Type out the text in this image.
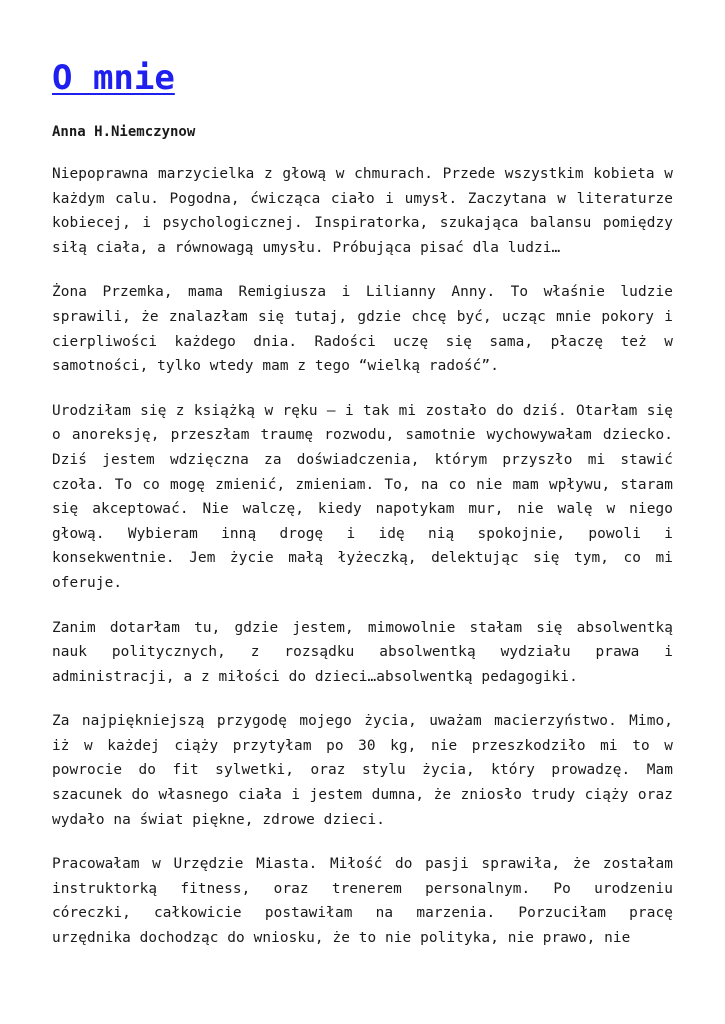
O mnie

Anna H.Niemczynow

Niepoprawna marzycielka z głową w chmurach. Przede wszystkim kobieta w każdym calu. Pogodna, ćwicząca ciało i umysł. Zaczytana w literaturze kobiecej, i psychologicznej. Inspiratorka, szukająca balansu pomiędzy siłą ciała, a równowagą umysłu. Próbująca pisać dla ludzi…

Żona Przemka, mama Remigiusza i Lilianny Anny. To właśnie ludzie sprawili, że znalazłam się tutaj, gdzie chcę być, ucząc mnie pokory i cierpliwości każdego dnia. Radości uczę się sama, płaczę też w samotności, tylko wtedy mam z tego “wielką radość”.

Urodziłam się z książką w ręku – i tak mi zostało do dziś. Otarłam się o anoreksję, przeszłam traumę rozwodu, samotnie wychowywałam dziecko. Dziś jestem wdzięczna za doświadczenia, którym przyszło mi stawić czoła. To co mogę zmienić, zmieniam. To, na co nie mam wpływu, staram się akceptować. Nie walczę, kiedy napotykam mur, nie walę w niego głową. Wybieram inną drogę i idę nią spokojnie, powoli i konsekwentnie. Jem życie małą łyżeczką, delektując się tym, co mi oferuje.

Zanim dotarłam tu, gdzie jestem, mimowolnie stałam się absolwentką nauk politycznych, z rozsądku absolwentką wydziału prawa i administracji, a z miłości do dzieci…absolwentką pedagogiki.

Za najpiękniejszą przygodę mojego życia, uważam macierzyństwo. Mimo, iż w każdej ciąży przytyłam po 30 kg, nie przeszkodziło mi to w powrocie do fit sylwetki, oraz stylu życia, który prowadzę. Mam szacunek do własnego ciała i jestem dumna, że zniosło trudy ciąży oraz wydało na świat piękne, zdrowe dzieci.

Pracowałam w Urzędzie Miasta. Miłość do pasji sprawiła, że zostałam instruktorką fitness, oraz trenerem personalnym. Po urodzeniu córeczki, całkowicie postawiłam na marzenia. Porzuciłam pracę urzędnika dochodząc do wniosku, że to nie polityka, nie prawo, nie
